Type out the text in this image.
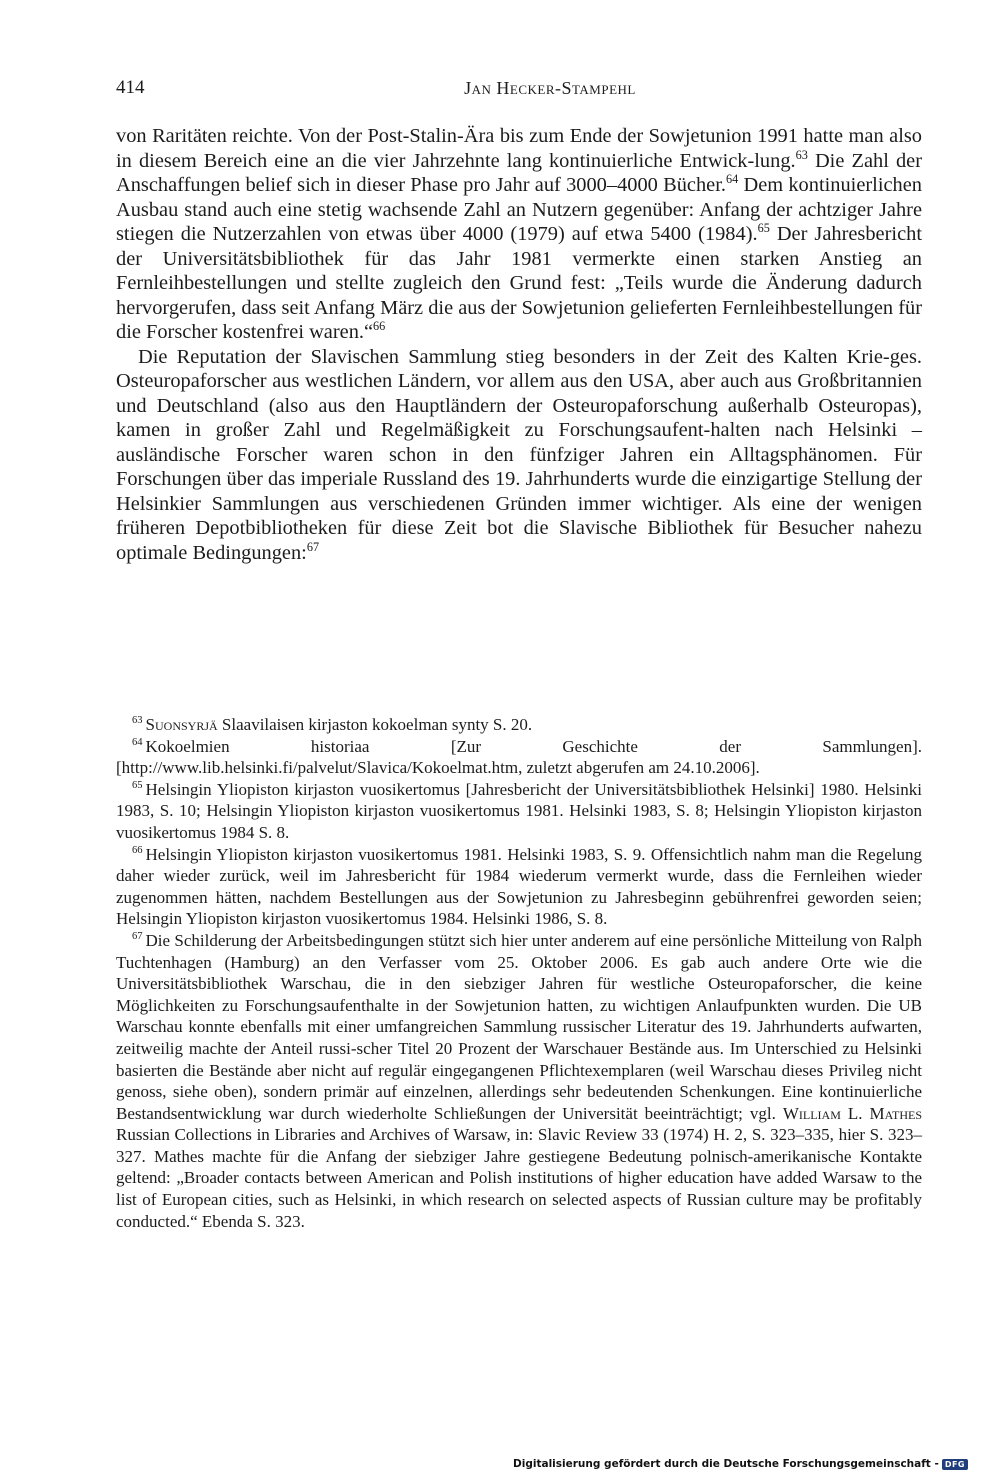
414	Jan Hecker-Stampehl

von Raritäten reichte. Von der Post-Stalin-Ära bis zum Ende der Sowjetunion 1991 hatte man also in diesem Bereich eine an die vier Jahrzehnte lang kontinuierliche Entwick-lung.$^{63}$ Die Zahl der Anschaffungen belief sich in dieser Phase pro Jahr auf 3000–4000 Bücher.$^{64}$ Dem kontinuierlichen Ausbau stand auch eine stetig wachsende Zahl an Nutzern gegenüber: Anfang der achtziger Jahre stiegen die Nutzerzahlen von etwas über 4000 (1979) auf etwa 5400 (1984).$^{65}$ Der Jahresbericht der Universitätsbibliothek für das Jahr 1981 vermerkte einen starken Anstieg an Fernleihbestellungen und stellte zugleich den Grund fest: „Teils wurde die Änderung dadurch hervorgerufen, dass seit Anfang März die aus der Sowjetunion gelieferten Fernleihbestellungen für die Forscher kostenfrei waren.“$^{66}$

Die Reputation der Slavischen Sammlung stieg besonders in der Zeit des Kalten Krie-ges. Osteuropaforscher aus westlichen Ländern, vor allem aus den USA, aber auch aus Großbritannien und Deutschland (also aus den Hauptländern der Osteuropaforschung außerhalb Osteuropas), kamen in großer Zahl und Regelmäßigkeit zu Forschungsaufent-halten nach Helsinki – ausländische Forscher waren schon in den fünfziger Jahren ein Alltagsphänomen. Für Forschungen über das imperiale Russland des 19. Jahrhunderts wurde die einzigartige Stellung der Helsinkier Sammlungen aus verschiedenen Gründen immer wichtiger. Als eine der wenigen früheren Depotbibliotheken für diese Zeit bot die Slavische Bibliothek für Besucher nahezu optimale Bedingungen:$^{67}$

$^{63}$ Suonsyrjä Slaavilaisen kirjaston kokoelman synty S. 20.

$^{64}$ Kokoelmien historiaa [Zur Geschichte der Sammlungen]. [http://www.lib.helsinki.fi/palvelut/Slavica/Kokoelmat.htm, zuletzt abgerufen am 24.10.2006].

$^{65}$ Helsingin Yliopiston kirjaston vuosikertomus [Jahresbericht der Universitätsbibliothek Helsinki] 1980. Helsinki 1983, S. 10; Helsingin Yliopiston kirjaston vuosikertomus 1981. Helsinki 1983, S. 8; Helsingin Yliopiston kirjaston vuosikertomus 1984 S. 8.

$^{66}$ Helsingin Yliopiston kirjaston vuosikertomus 1981. Helsinki 1983, S. 9. Offensichtlich nahm man die Regelung daher wieder zurück, weil im Jahresbericht für 1984 wiederum vermerkt wurde, dass die Fernleihen wieder zugenommen hätten, nachdem Bestellungen aus der Sowjetunion zu Jahresbeginn gebührenfrei geworden seien; Helsingin Yliopiston kirjaston vuosikertomus 1984. Helsinki 1986, S. 8.

$^{67}$ Die Schilderung der Arbeitsbedingungen stützt sich hier unter anderem auf eine persönliche Mitteilung von Ralph Tuchtenhagen (Hamburg) an den Verfasser vom 25. Oktober 2006. Es gab auch andere Orte wie die Universitätsbibliothek Warschau, die in den siebziger Jahren für westliche Osteuropaforscher, die keine Möglichkeiten zu Forschungsaufenthalte in der Sowjetunion hatten, zu wichtigen Anlaufpunkten wurden. Die UB Warschau konnte ebenfalls mit einer umfangreichen Sammlung russischer Literatur des 19. Jahrhunderts aufwarten, zeitweilig machte der Anteil russi-scher Titel 20 Prozent der Warschauer Bestände aus. Im Unterschied zu Helsinki basierten die Bestände aber nicht auf regulär eingegangenen Pflichtexemplaren (weil Warschau dieses Privileg nicht genoss, siehe oben), sondern primär auf einzelnen, allerdings sehr bedeutenden Schenkungen. Eine kontinuierliche Bestandsentwicklung war durch wiederholte Schließungen der Universität beeinträchtigt; vgl. William L. Mathes Russian Collections in Libraries and Archives of Warsaw, in: Slavic Review 33 (1974) H. 2, S. 323–335, hier S. 323–327. Mathes machte für die Anfang der siebziger Jahre gestiegene Bedeutung polnisch-amerikanische Kontakte geltend: „Broader contacts between American and Polish institutions of higher education have added Warsaw to the list of European cities, such as Helsinki, in which research on selected aspects of Russian culture may be profitably conducted.“ Ebenda S. 323.

Digitalisierung gefördert durch die Deutsche Forschungsgemeinschaft - DFG
